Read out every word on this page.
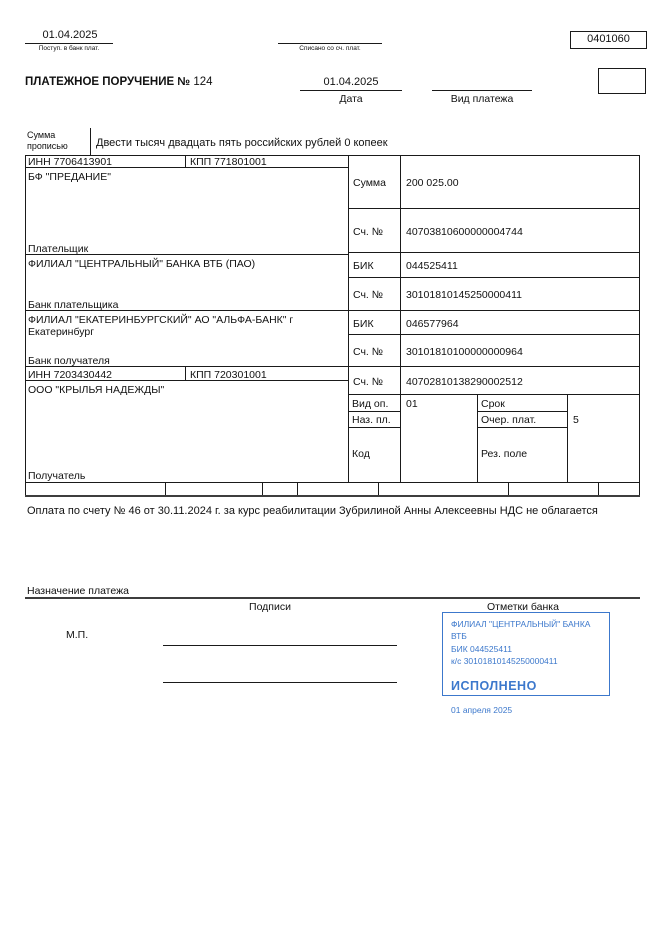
01.04.2025
Поступ. в банк плат.	Списано со сч. плат.
0401060
ПЛАТЕЖНОЕ ПОРУЧЕНИЕ № 124	01.04.2025
Дата	Вид платежа
Сумма прописью	Двести тысяч двадцать пять российских рублей 0 копеек
ИНН 7706413901	КПП 771801001
БФ "ПРЕДАНИЕ"
Плательщик
ФИЛИАЛ "ЦЕНТРАЛЬНЫЙ" БАНКА ВТБ (ПАО)
Банк плательщика
ФИЛИАЛ "ЕКАТЕРИНБУРГСКИЙ" АО "АЛЬФА-БАНК" г Екатеринбург
Банк получателя
ИНН 7203430442	КПП 720301001
ООО "КРЫЛЬЯ НАДЕЖДЫ"
Получатель
Сумма	200 025.00
Сч. №	40703810600000004744
БИК	044525411
Сч. №	30101810145250000411
БИК	046577964
Сч. №	30101810100000000964
Сч. №	40702810138290002512
Вид оп.	01	Срок
Наз. пл.	Очер. плат.	5
Код	Рез. поле
Оплата по счету № 46 от 30.11.2024 г. за курс реабилитации Зубрилиной Анны Алексеевны НДС не облагается
Назначение платежа
Подписи	Отметки банка
М.П.
ФИЛИАЛ "ЦЕНТРАЛЬНЫЙ" БАНКА ВТБ
БИК 044525411
к/с 30101810145250000411
ИСПОЛНЕНО
01 апреля 2025
